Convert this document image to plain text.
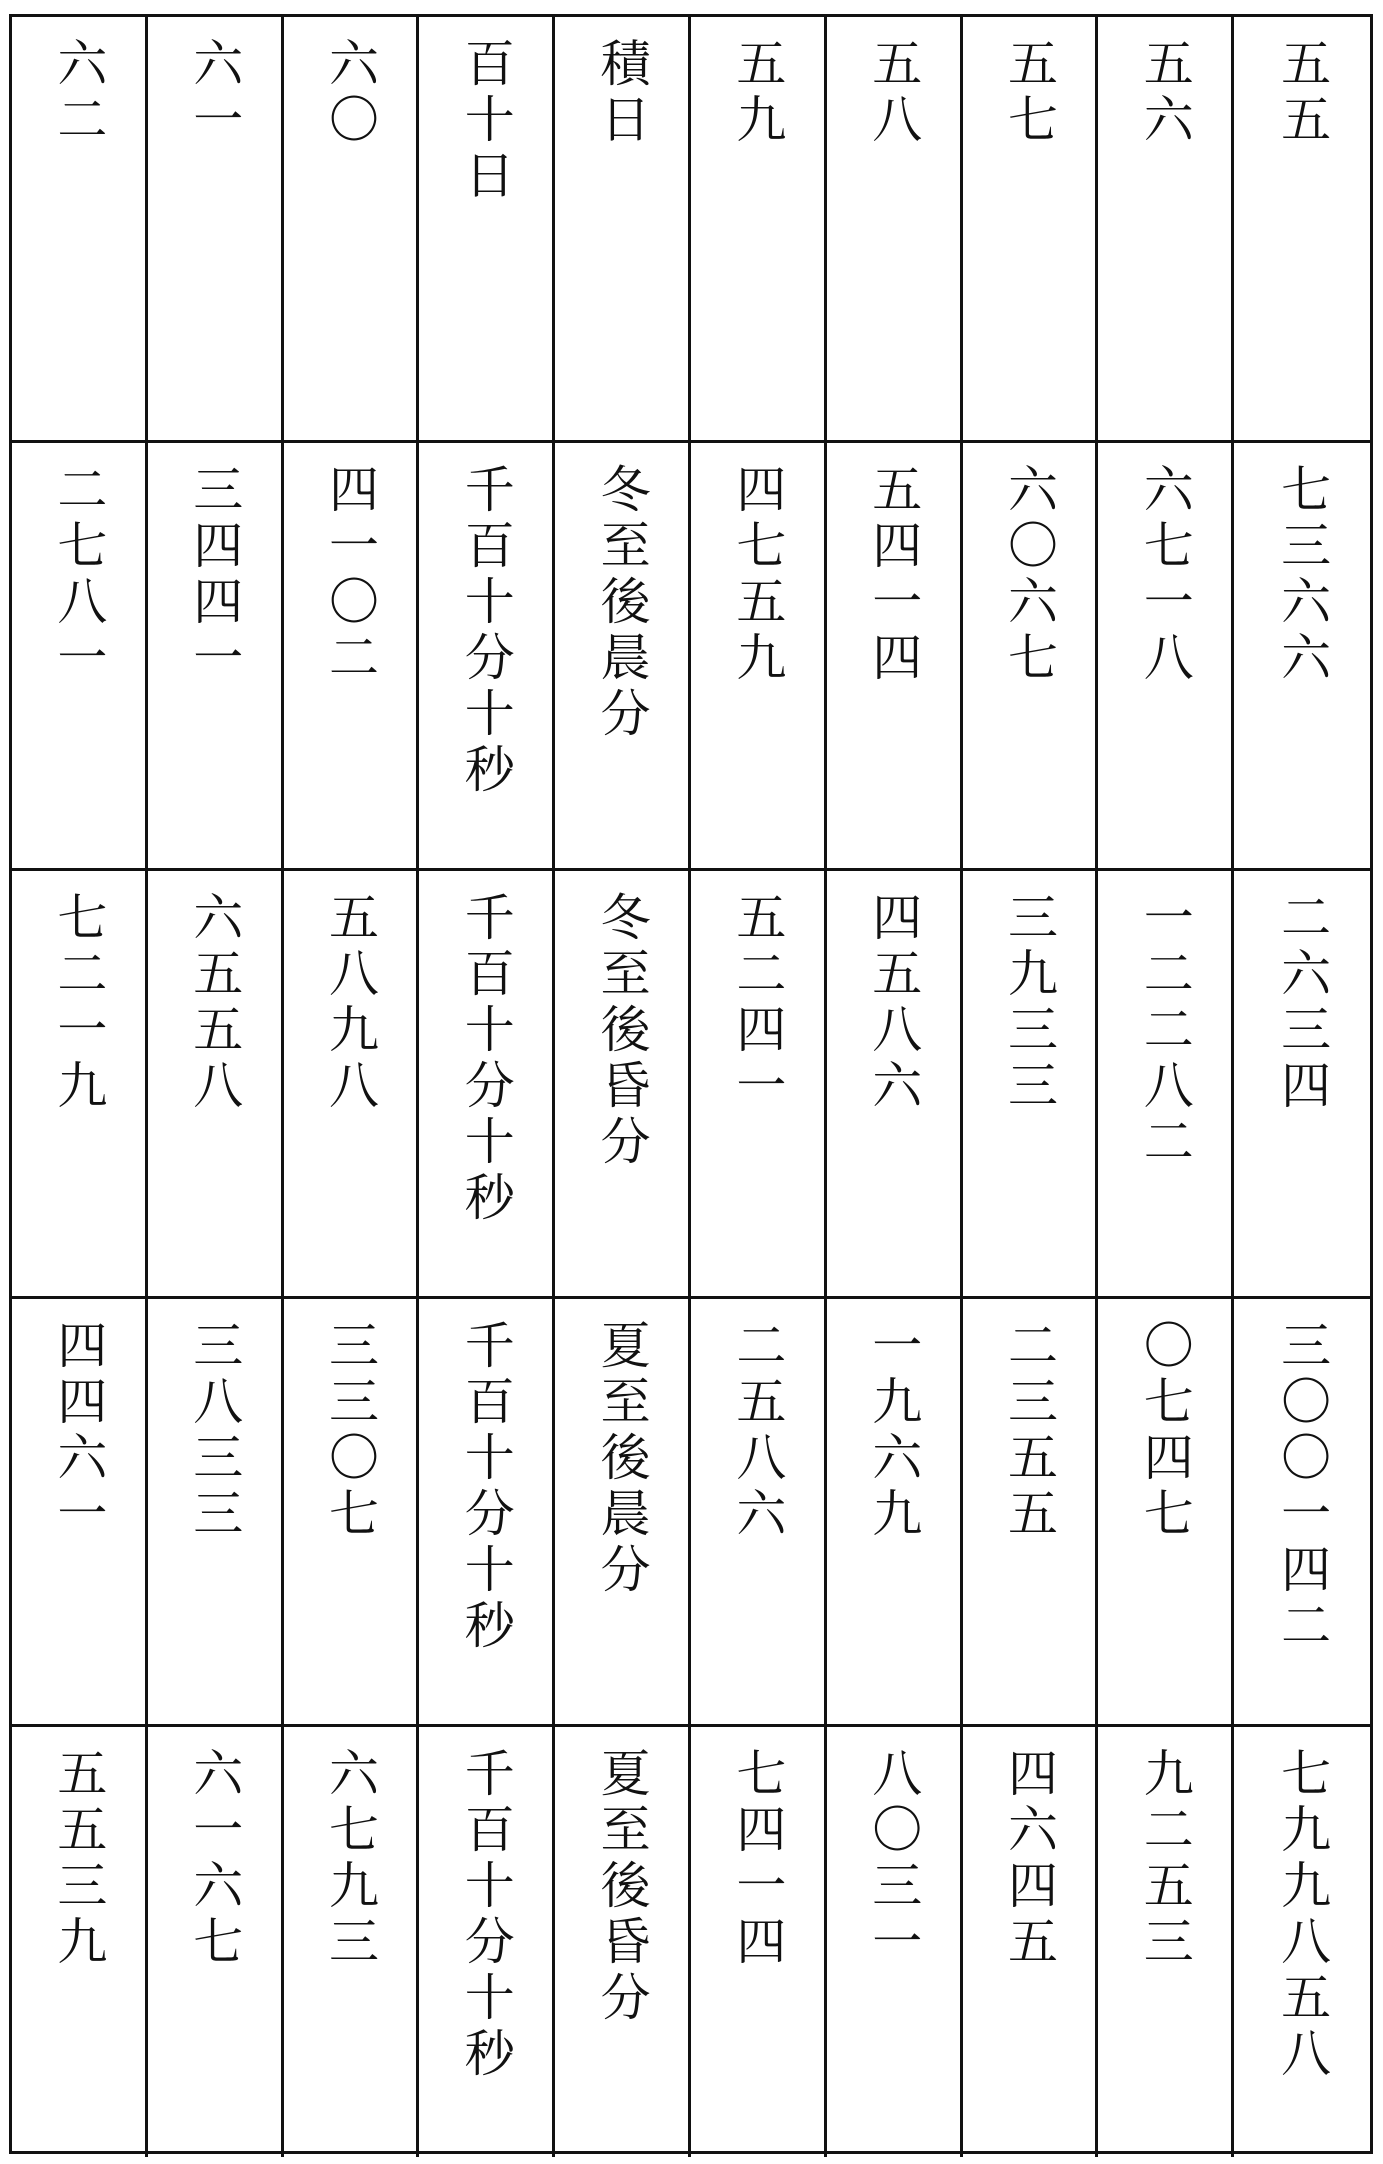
六二 六一 六〇 百十日 積日 五九 五八 五七 五六 五五
二七八一 三四四一 四一〇二 千百十分十秒 冬至後晨分 四七五九 五四一四 六〇六七 六七一八 七三六六
七二一九 六五五八 五八九八 千百十分十秒 冬至後昏分 五二四一 四五八六 三九三三 一二二八二 二六三四
四四六一 三八三三 三三〇七 千百十分十秒 夏至後晨分 二五八六 一九六九 二三五五 〇七四七 三〇〇一四二
五五三九 六一六七 六七九三 千百十分十秒 夏至後昏分 七四一四 八〇三一 四六四五 九二五三 七九九八五八
